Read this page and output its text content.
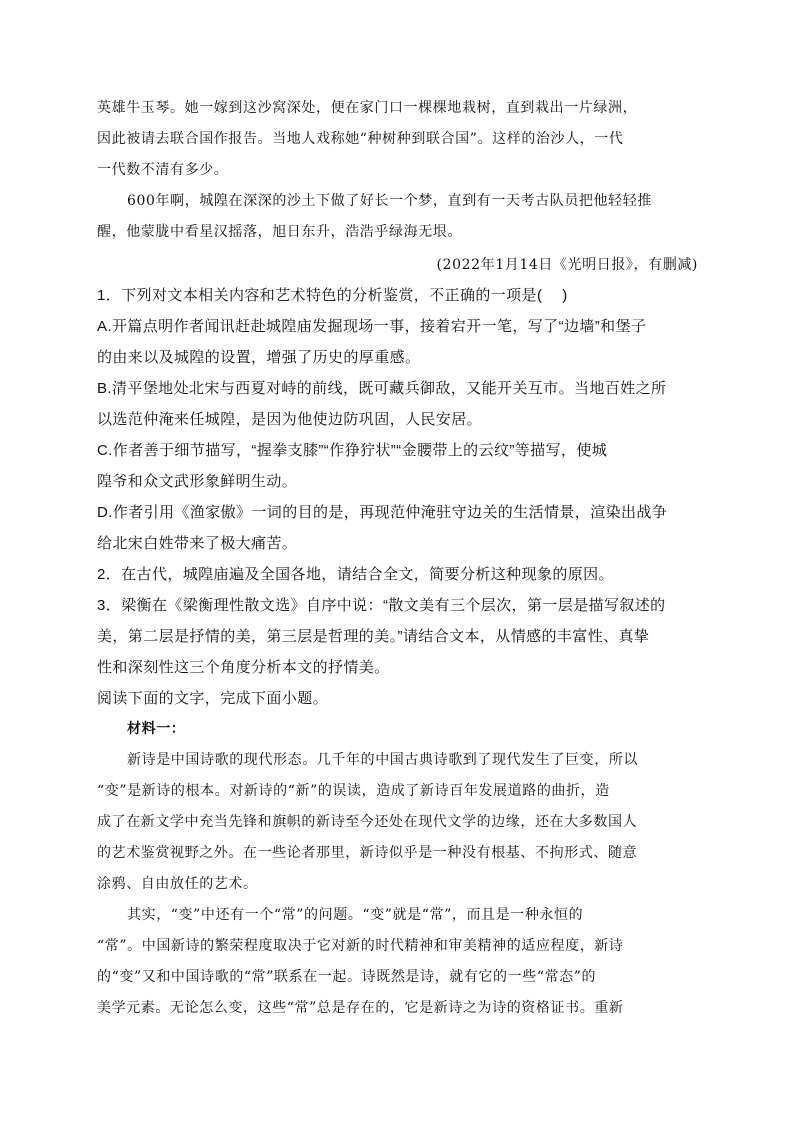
英雄牛玉琴。她一嫁到这沙窝深处，便在家门口一棵棵地栽树，直到栽出一片绿洲，
因此被请去联合国作报告。当地人戏称她“种树种到联合国”。这样的治沙人，一代
一代数不清有多少。
600年啊，城隍在深深的沙土下做了好长一个梦，直到有一天考古队员把他轻轻推
醒，他蒙胧中看星汉摇落，旭日东升，浩浩乎绿海无垠。
(2022年1月14日《光明日报》，有删减)
1．下列对文本相关内容和艺术特色的分析鉴赏，不正确的一项是(　 )
A.开篇点明作者闻讯赶赴城隍庙发掘现场一事，接着宕开一笔，写了“边墙”和堡子
的由来以及城隍的设置，增强了历史的厚重感。
B.清平堡地处北宋与西夏对峙的前线，既可藏兵御敌，又能开关互市。当地百姓之所
以选范仲淹来任城隍，是因为他使边防巩固，人民安居。
C.作者善于细节描写，“握拳支膝”“作狰狞状”“金腰带上的云纹”等描写，使城
隍爷和众文武形象鲜明生动。
D.作者引用《渔家傲》一词的目的是，再现范仲淹驻守边关的生活情景，渲染出战争
给北宋白姓带来了极大痛苦。
2．在古代，城隍庙遍及全国各地，请结合全文，简要分析这种现象的原因。
3．梁衡在《梁衡理性散文选》自序中说：“散文美有三个层次，第一层是描写叙述的
美，第二层是抒情的美，第三层是哲理的美。”请结合文本，从情感的丰富性、真挚
性和深刻性这三个角度分析本文的抒情美。
阅读下面的文字，完成下面小题。
材料一：
新诗是中国诗歌的现代形态。几千年的中国古典诗歌到了现代发生了巨变，所以
“变”是新诗的根本。对新诗的“新”的误读，造成了新诗百年发展道路的曲折，造
成了在新文学中充当先锋和旗帜的新诗至今还处在现代文学的边缘，还在大多数国人
的艺术鉴赏视野之外。在一些论者那里，新诗似乎是一种没有根基、不拘形式、随意
涂鸦、自由放任的艺术。
其实，“变”中还有一个“常”的问题。“变”就是“常”，而且是一种永恒的
“常”。中国新诗的繁荣程度取决于它对新的时代精神和审美精神的适应程度，新诗
的“变”又和中国诗歌的“常”联系在一起。诗既然是诗，就有它的一些“常态”的
美学元素。无论怎么变，这些“常”总是存在的，它是新诗之为诗的资格证书。重新
